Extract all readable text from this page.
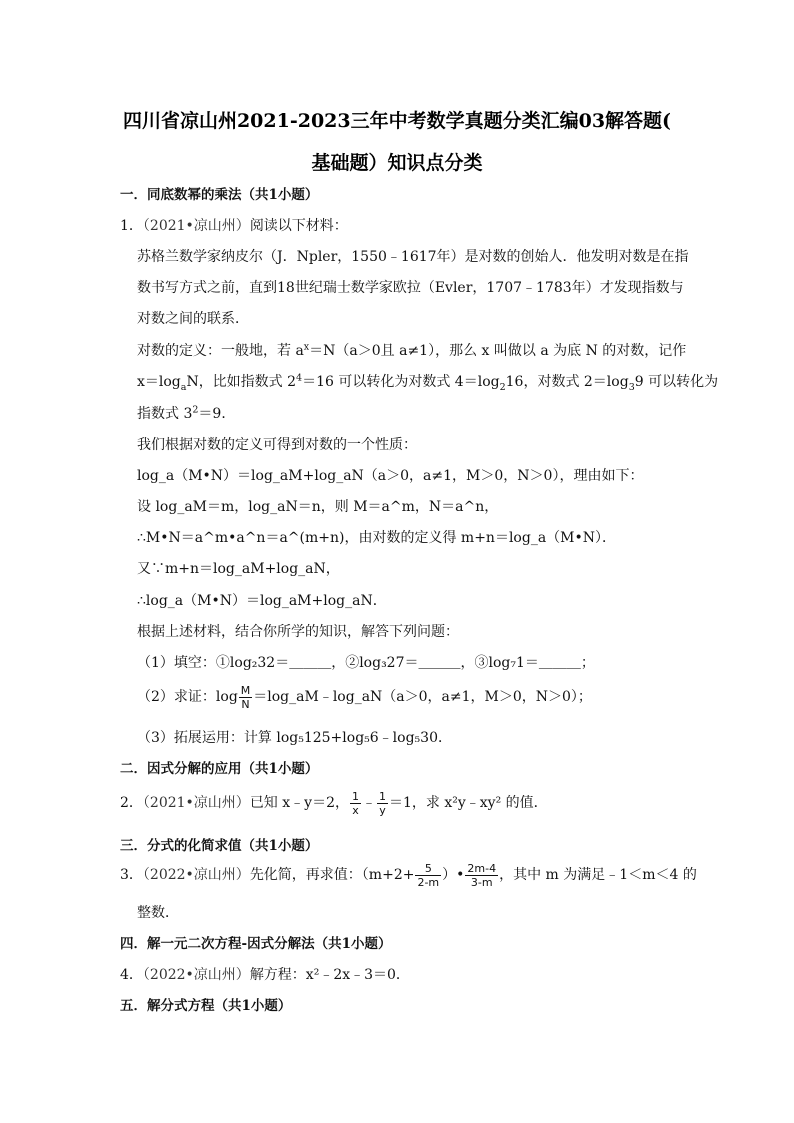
四川省凉山州2021-2023三年中考数学真题分类汇编03解答题(
基础题）知识点分类
一．同底数幂的乘法（共1小题）
1．（2021•凉山州）阅读以下材料：
苏格兰数学家纳皮尔（J．Npler，1550﹣1617年）是对数的创始人．他发明对数是在指
数书写方式之前，直到18世纪瑞士数学家欧拉（Evler，1707﹣1783年）才发现指数与
对数之间的联系．
对数的定义：一般地，若 $a^x=N(a>0$且 a≠1），那么 x 叫做以 a 为底 N 的对数，记作
$x=\log_aN$，比如指数式 $2^4=16$ 可以转化为对数式 $4=\log_216$，对数式 $2=\log_39$ 可以转化为
指数式 $3^2=9$．
我们根据对数的定义可得到对数的一个性质：
log_a（M•N）＝log_aM+log_aN（a＞0，a≠1，M＞0，N＞0），理由如下：
设 log_aM＝m，log_aN＝n，则 M＝a^m，N＝a^n，
∴M•N＝a^m•a^n＝a^(m+n)，由对数的定义得 m+n＝log_a（M•N）．
又∵m+n＝log_aM+log_aN，
∴log_a（M•N）＝log_aM+log_aN．
根据上述材料，结合你所学的知识，解答下列问题：
（1）填空：①log₂32＝＿＿＿，②log₃27＝＿＿＿，③log₇1＝＿＿＿；
（2）求证：$\log \frac{M}{N}$ ＝log_aM﹣log_aN（a＞0，a≠1，M＞0，N＞0）；
（3）拓展运用：计算 log₅125+log₅6﹣log₅30．
二．因式分解的应用（共1小题）
2．（2021•凉山州）已知 x﹣y＝2， $\frac{1}{x}$ ﹣ $\frac{1}{y} =1$，求 x²y﹣xy² 的值．
三．分式的化简求值（共1小题）
3．（2022•凉山州）先化简，再求值：（$m+2+ \frac{5}{2-m}$ ）• $\frac{2m-4}{3-m}$ ，其中 m 为满足﹣1＜m＜4 的
整数．
四．解一元二次方程-因式分解法（共1小题）
4．（2022•凉山州）解方程：x²﹣2x﹣3＝0．
五．解分式方程（共1小题）
